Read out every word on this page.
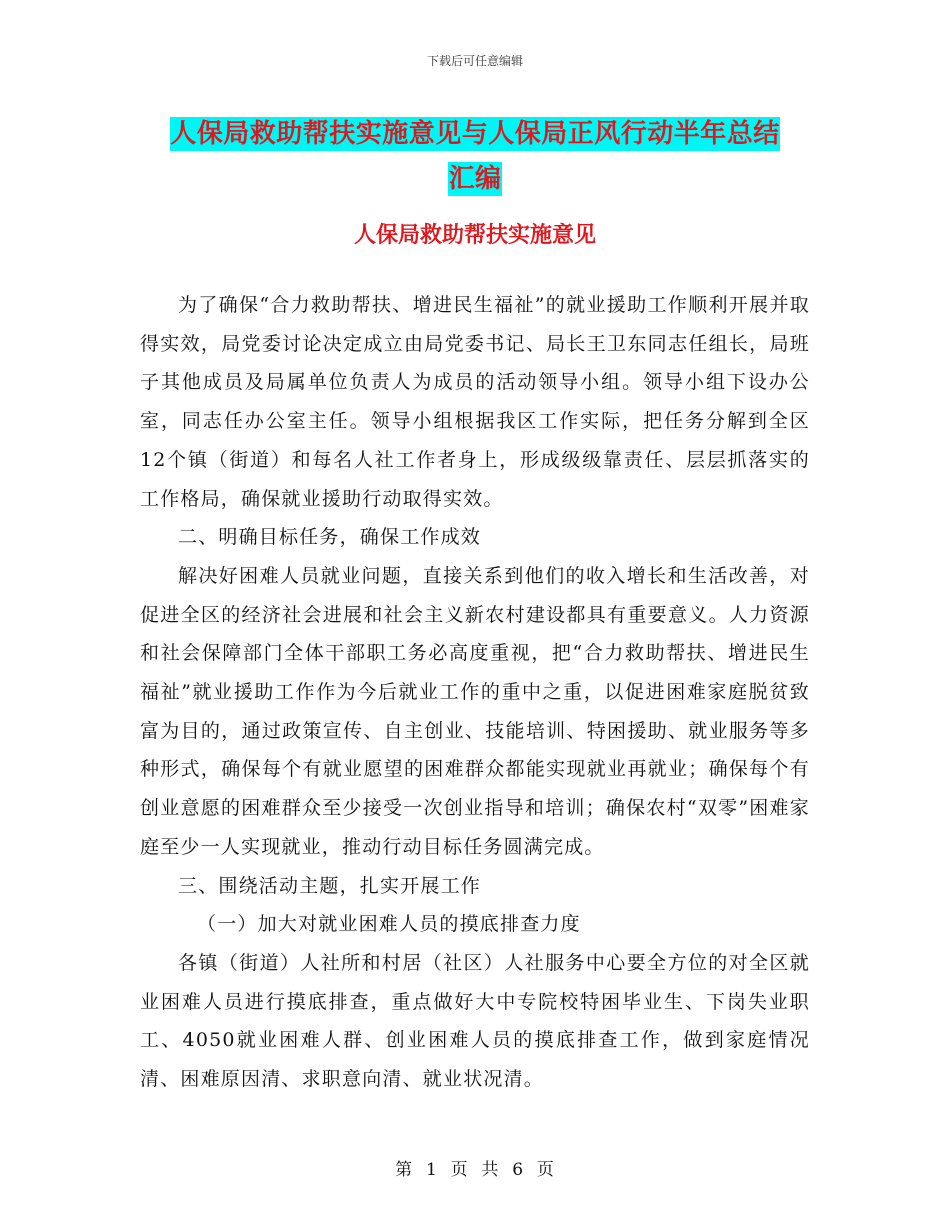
下载后可任意编辑
人保局救助帮扶实施意见与人保局正风行动半年总结
汇编
人保局救助帮扶实施意见

为了确保“合力救助帮扶、增进民生福祉”的就业援助工作顺利开展并取得实效，局党委讨论决定成立由局党委书记、局长王卫东同志任组长，局班子其他成员及局属单位负责人为成员的活动领导小组。领导小组下设办公室，同志任办公室主任。领导小组根据我区工作实际，把任务分解到全区12个镇（街道）和每名人社工作者身上，形成级级靠责任、层层抓落实的工作格局，确保就业援助行动取得实效。

二、明确目标任务，确保工作成效

解决好困难人员就业问题，直接关系到他们的收入增长和生活改善，对促进全区的经济社会进展和社会主义新农村建设都具有重要意义。人力资源和社会保障部门全体干部职工务必高度重视，把“合力救助帮扶、增进民生福祉”就业援助工作作为今后就业工作的重中之重，以促进困难家庭脱贫致富为目的，通过政策宣传、自主创业、技能培训、特困援助、就业服务等多种形式，确保每个有就业愿望的困难群众都能实现就业再就业；确保每个有创业意愿的困难群众至少接受一次创业指导和培训；确保农村“双零”困难家庭至少一人实现就业，推动行动目标任务圆满完成。

三、围绕活动主题，扎实开展工作

（一）加大对就业困难人员的摸底排查力度

各镇（街道）人社所和村居（社区）人社服务中心要全方位的对全区就业困难人员进行摸底排查，重点做好大中专院校特困毕业生、下岗失业职工、4050就业困难人群、创业困难人员的摸底排查工作，做到家庭情况清、困难原因清、求职意向清、就业状况清。

第 1 页 共 6 页
